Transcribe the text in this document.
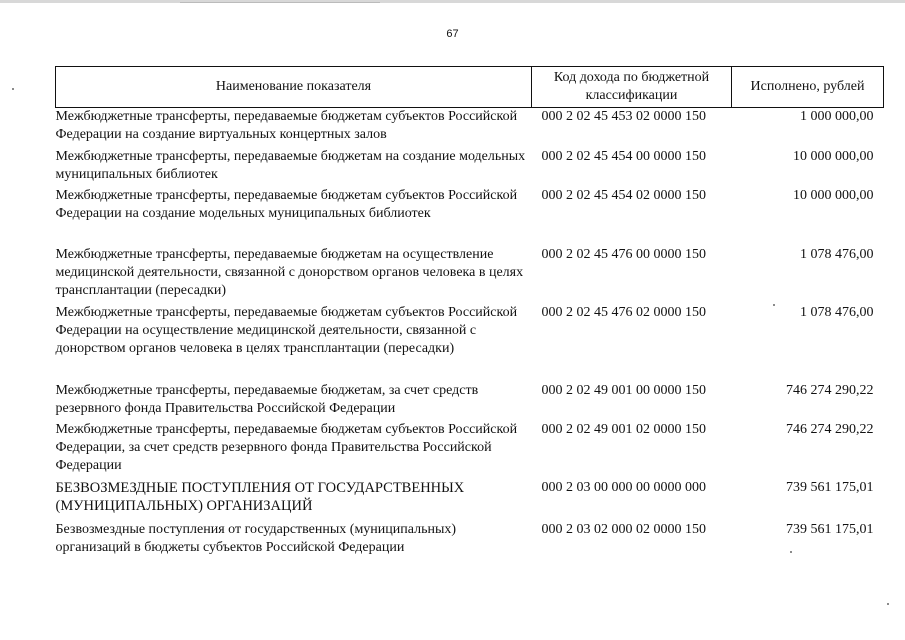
67
Наименование показателя	Код дохода по бюджетной классификации	Исполнено, рублей
Межбюджетные трансферты, передаваемые бюджетам субъектов Российской Федерации на создание виртуальных концертных залов	000 2 02 45 453 02 0000 150	1 000 000,00
Межбюджетные трансферты, передаваемые бюджетам на создание модельных муниципальных библиотек	000 2 02 45 454 00 0000 150	10 000 000,00
Межбюджетные трансферты, передаваемые бюджетам субъектов Российской Федерации на создание модельных муниципальных библиотек	000 2 02 45 454 02 0000 150	10 000 000,00
Межбюджетные трансферты, передаваемые бюджетам на осуществление медицинской деятельности, связанной с донорством органов человека в целях трансплантации (пересадки)	000 2 02 45 476 00 0000 150	1 078 476,00
Межбюджетные трансферты, передаваемые бюджетам субъектов Российской Федерации на осуществление медицинской деятельности, связанной с донорством органов человека в целях трансплантации (пересадки)	000 2 02 45 476 02 0000 150	1 078 476,00
Межбюджетные трансферты, передаваемые бюджетам, за счет средств резервного фонда Правительства Российской Федерации	000 2 02 49 001 00 0000 150	746 274 290,22
Межбюджетные трансферты, передаваемые бюджетам субъектов Российской Федерации, за счет средств резервного фонда Правительства Российской Федерации	000 2 02 49 001 02 0000 150	746 274 290,22
БЕЗВОЗМЕЗДНЫЕ ПОСТУПЛЕНИЯ ОТ ГОСУДАРСТВЕННЫХ (МУНИЦИПАЛЬНЫХ) ОРГАНИЗАЦИЙ	000 2 03 00 000 00 0000 000	739 561 175,01
Безвозмездные поступления от государственных (муниципальных) организаций в бюджеты субъектов Российской Федерации	000 2 03 02 000 02 0000 150	739 561 175,01
